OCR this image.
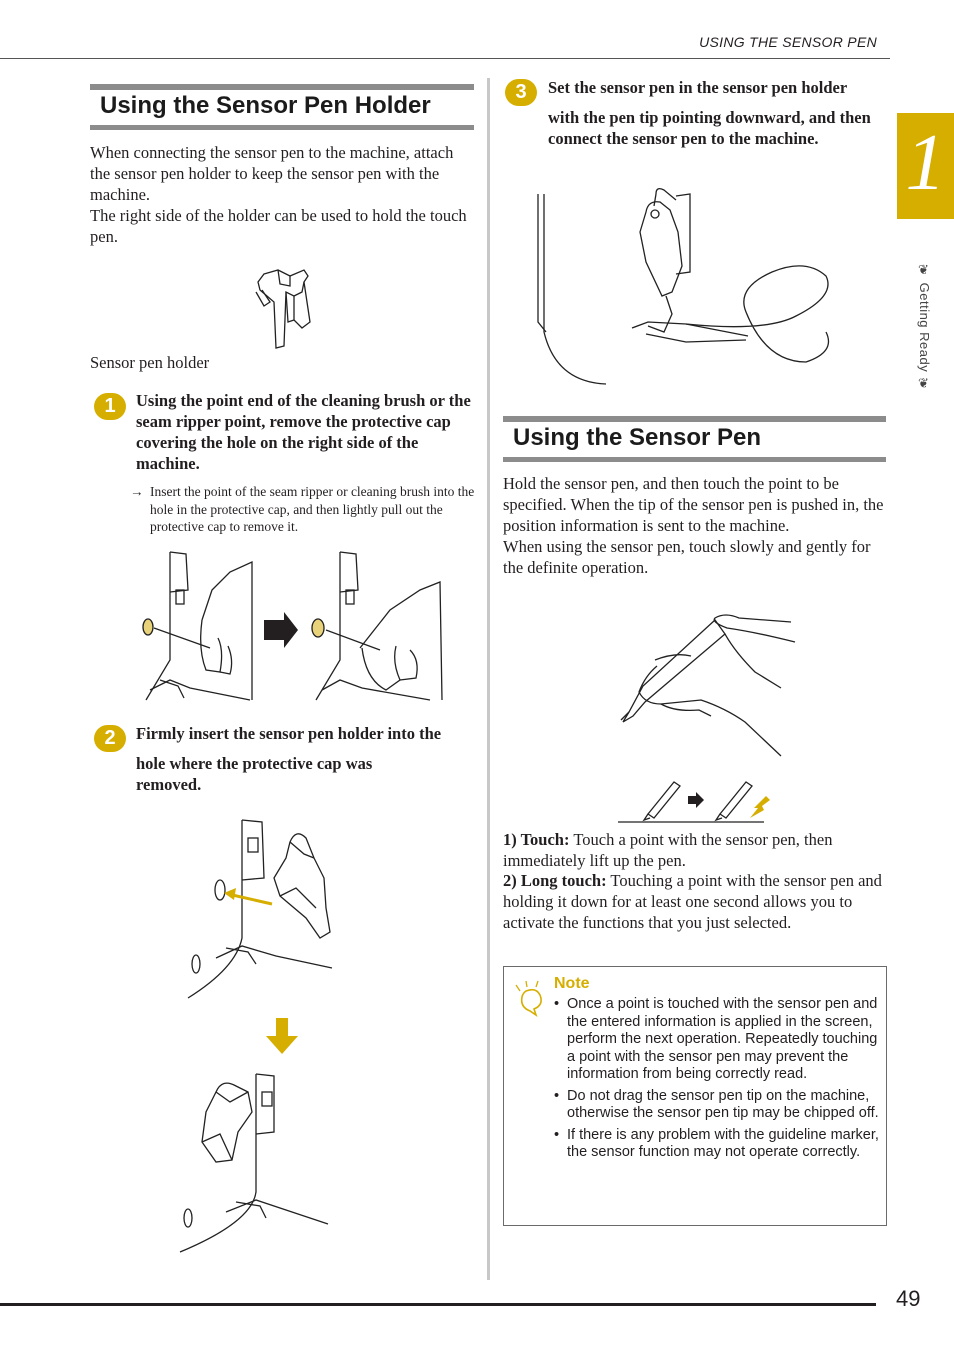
USING THE SENSOR PEN
1
❦ Getting Ready ❦
Using the Sensor Pen Holder
When connecting the sensor pen to the machine, attach the sensor pen holder to keep the sensor pen with the machine.
The right side of the holder can be used to hold the touch pen.
Sensor pen holder
1	Using the point end of the cleaning brush or the seam ripper point, remove the protective cap covering the hole on the right side of the machine.
→ Insert the point of the seam ripper or cleaning brush into the hole in the protective cap, and then lightly pull out the protective cap to remove it.
2	Firmly insert the sensor pen holder into the
hole where the protective cap was removed.
3	Set the sensor pen in the sensor pen holder
with the pen tip pointing downward, and then connect the sensor pen to the machine.
Using the Sensor Pen
Hold the sensor pen, and then touch the point to be specified. When the tip of the sensor pen is pushed in, the position information is sent to the machine.
When using the sensor pen, touch slowly and gently for the definite operation.
1) Touch: Touch a point with the sensor pen, then immediately lift up the pen.
2) Long touch: Touching a point with the sensor pen and holding it down for at least one second allows you to activate the functions that you just selected.
Note
• Once a point is touched with the sensor pen and the entered information is applied in the screen, perform the next operation. Repeatedly touching a point with the sensor pen may prevent the information from being correctly read.
• Do not drag the sensor pen tip on the machine, otherwise the sensor pen tip may be chipped off.
• If there is any problem with the guideline marker, the sensor function may not operate correctly.
49
